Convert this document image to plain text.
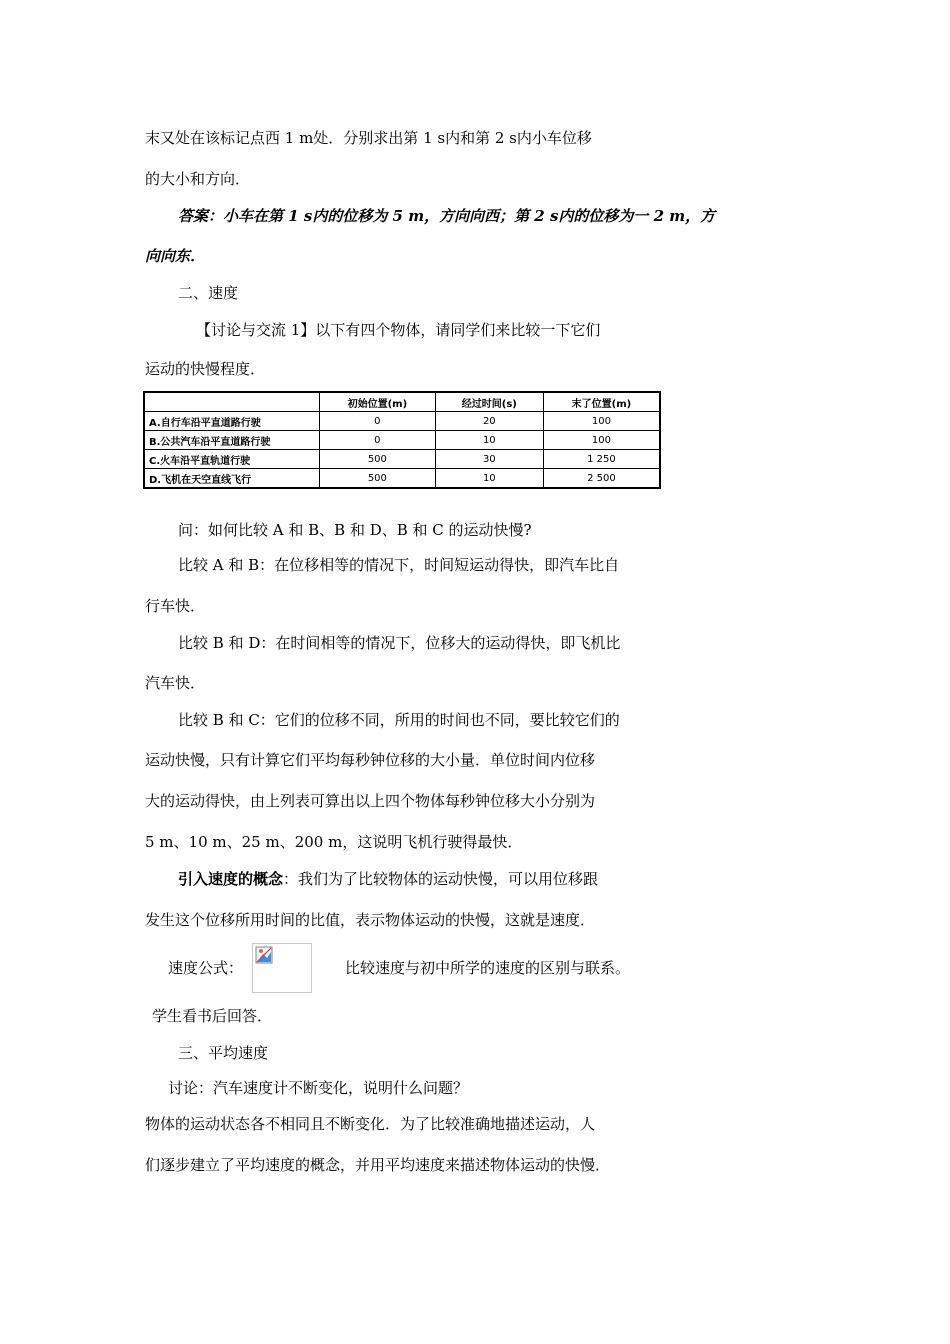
末又处在该标记点西 1 m处．分别求出第 1 s内和第 2 s内小车位移
的大小和方向．
答案：小车在第 1 s内的位移为 5 m，方向向西；第 2 s内的位移为一 2 m，方
向向东．
二、速度
【讨论与交流 1】以下有四个物体，请同学们来比较一下它们
运动的快慢程度．
	初始位置(m)	经过时间(s)	末了位置(m)
A.自行车沿平直道路行驶	0	20	100
B.公共汽车沿平直道路行驶	0	10	100
C.火车沿平直轨道行驶	500	30	1 250
D.飞机在天空直线飞行	500	10	2 500
问：如何比较 A 和 B、B 和 D、B 和 C 的运动快慢?
比较 A 和 B：在位移相等的情况下，时间短运动得快，即汽车比自
行车快．
比较 B 和 D：在时间相等的情况下，位移大的运动得快，即飞机比
汽车快．
比较 B 和 C：它们的位移不同，所用的时间也不同，要比较它们的
运动快慢，只有计算它们平均每秒钟位移的大小量．单位时间内位移
大的运动得快，由上列表可算出以上四个物体每秒钟位移大小分别为
5 m、10 m、25 m、200 m，这说明飞机行驶得最快．
引入速度的概念：我们为了比较物体的运动快慢，可以用位移跟
发生这个位移所用时间的比值，表示物体运动的快慢，这就是速度．
速度公式：	比较速度与初中所学的速度的区别与联系。
学生看书后回答．
三、平均速度
讨论：汽车速度计不断变化，说明什么问题？
物体的运动状态各不相同且不断变化．为了比较准确地描述运动，人
们逐步建立了平均速度的概念，并用平均速度来描述物体运动的快慢．
